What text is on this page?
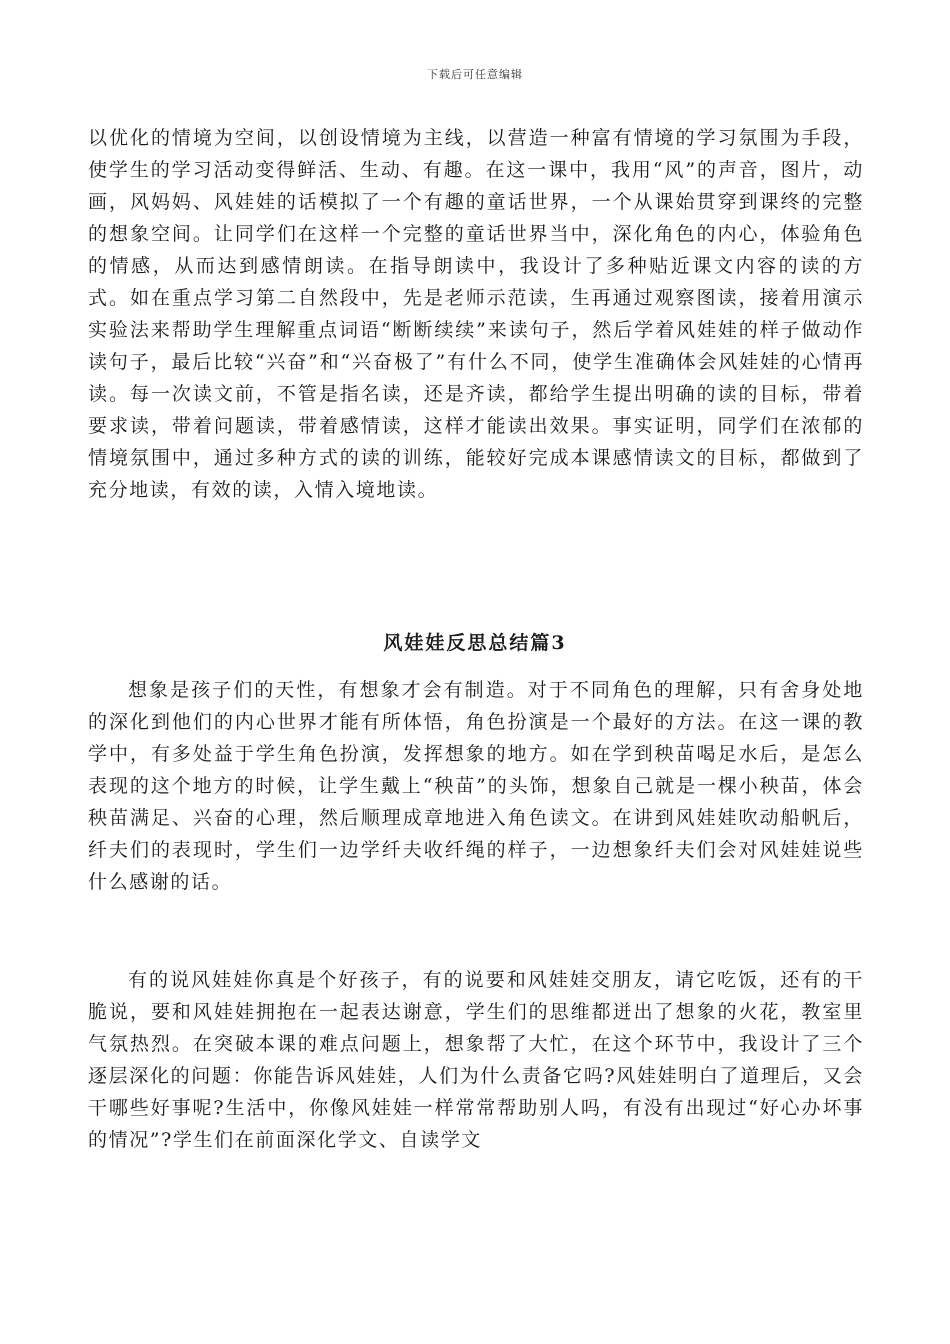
下载后可任意编辑
以优化的情境为空间，以创设情境为主线，以营造一种富有情境的学习氛围为手段，使学生的学习活动变得鲜活、生动、有趣。在这一课中，我用“风”的声音，图片，动画，风妈妈、风娃娃的话模拟了一个有趣的童话世界，一个从课始贯穿到课终的完整的想象空间。让同学们在这样一个完整的童话世界当中，深化角色的内心，体验角色的情感，从而达到感情朗读。在指导朗读中，我设计了多种贴近课文内容的读的方式。如在重点学习第二自然段中，先是老师示范读，生再通过观察图读，接着用演示实验法来帮助学生理解重点词语“断断续续”来读句子，然后学着风娃娃的样子做动作读句子，最后比较“兴奋”和“兴奋极了”有什么不同，使学生准确体会风娃娃的心情再读。每一次读文前，不管是指名读，还是齐读，都给学生提出明确的读的目标，带着要求读，带着问题读，带着感情读，这样才能读出效果。事实证明，同学们在浓郁的情境氛围中，通过多种方式的读的训练，能较好完成本课感情读文的目标，都做到了充分地读，有效的读，入情入境地读。
风娃娃反思总结篇3
想象是孩子们的天性，有想象才会有制造。对于不同角色的理解，只有舍身处地的深化到他们的内心世界才能有所体悟，角色扮演是一个最好的方法。在这一课的教学中，有多处益于学生角色扮演，发挥想象的地方。如在学到秧苗喝足水后，是怎么表现的这个地方的时候，让学生戴上“秧苗”的头饰，想象自己就是一棵小秧苗，体会秧苗满足、兴奋的心理，然后顺理成章地进入角色读文。在讲到风娃娃吹动船帆后，纤夫们的表现时，学生们一边学纤夫收纤绳的样子，一边想象纤夫们会对风娃娃说些什么感谢的话。
有的说风娃娃你真是个好孩子，有的说要和风娃娃交朋友，请它吃饭，还有的干脆说，要和风娃娃拥抱在一起表达谢意，学生们的思维都迸出了想象的火花，教室里气氛热烈。在突破本课的难点问题上，想象帮了大忙，在这个环节中，我设计了三个逐层深化的问题：你能告诉风娃娃，人们为什么责备它吗?风娃娃明白了道理后，又会干哪些好事呢?生活中，你像风娃娃一样常常帮助别人吗，有没有出现过“好心办坏事的情况”?学生们在前面深化学文、自读学文
